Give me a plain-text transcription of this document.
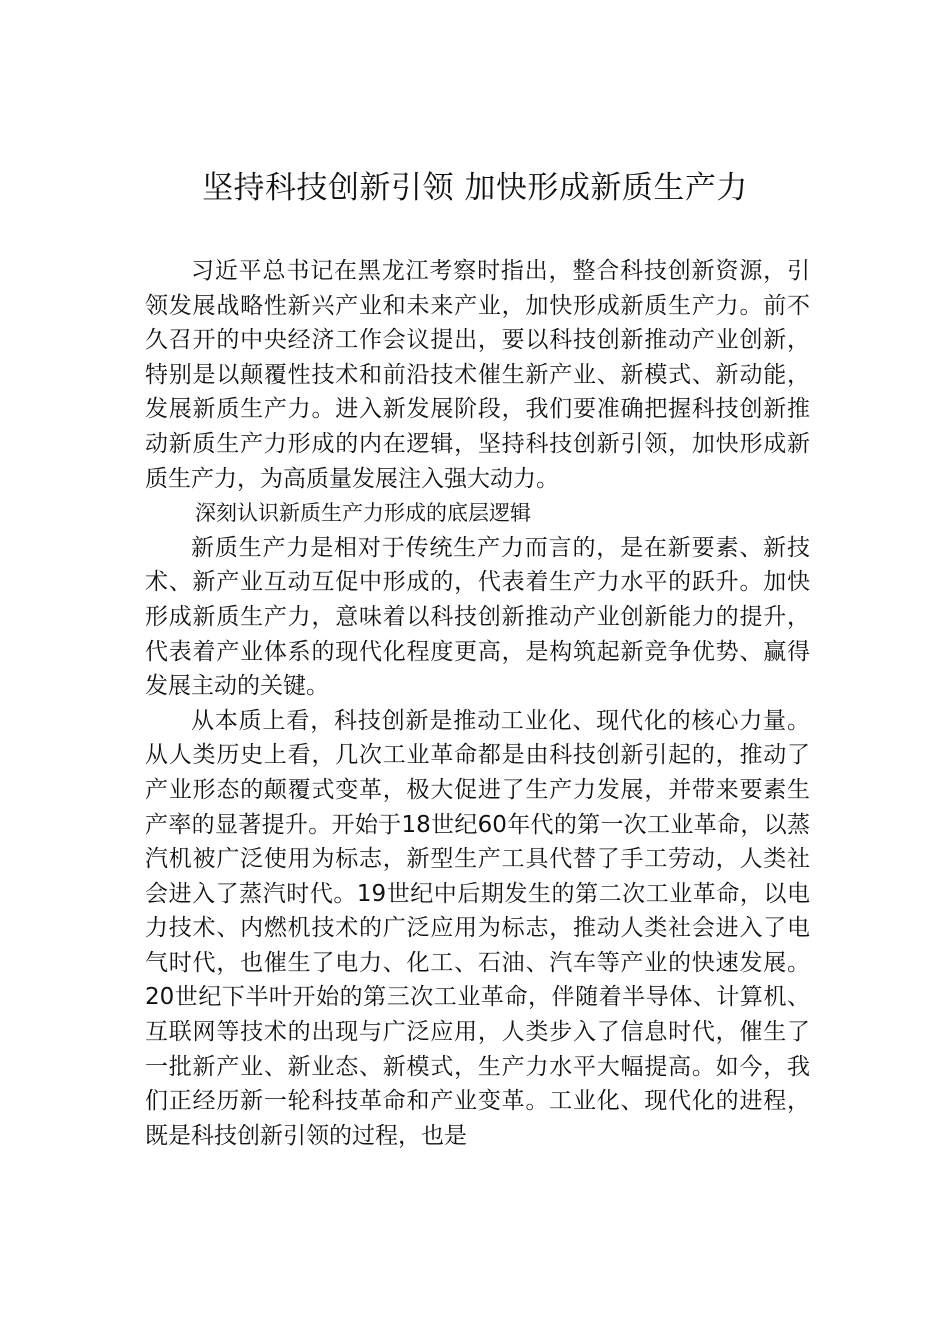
坚持科技创新引领 加快形成新质生产力

习近平总书记在黑龙江考察时指出，整合科技创新资源，引领发展战略性新兴产业和未来产业，加快形成新质生产力。前不久召开的中央经济工作会议提出，要以科技创新推动产业创新，特别是以颠覆性技术和前沿技术催生新产业、新模式、新动能，发展新质生产力。进入新发展阶段，我们要准确把握科技创新推动新质生产力形成的内在逻辑，坚持科技创新引领，加快形成新质生产力，为高质量发展注入强大动力。

深刻认识新质生产力形成的底层逻辑

新质生产力是相对于传统生产力而言的，是在新要素、新技术、新产业互动互促中形成的，代表着生产力水平的跃升。加快形成新质生产力，意味着以科技创新推动产业创新能力的提升，代表着产业体系的现代化程度更高，是构筑起新竞争优势、赢得发展主动的关键。

从本质上看，科技创新是推动工业化、现代化的核心力量。从人类历史上看，几次工业革命都是由科技创新引起的，推动了产业形态的颠覆式变革，极大促进了生产力发展，并带来要素生产率的显著提升。开始于18世纪60年代的第一次工业革命，以蒸汽机被广泛使用为标志，新型生产工具代替了手工劳动，人类社会进入了蒸汽时代。19世纪中后期发生的第二次工业革命，以电力技术、内燃机技术的广泛应用为标志，推动人类社会进入了电气时代，也催生了电力、化工、石油、汽车等产业的快速发展。20世纪下半叶开始的第三次工业革命，伴随着半导体、计算机、互联网等技术的出现与广泛应用，人类步入了信息时代，催生了一批新产业、新业态、新模式，生产力水平大幅提高。如今，我们正经历新一轮科技革命和产业变革。工业化、现代化的进程，既是科技创新引领的过程，也是
